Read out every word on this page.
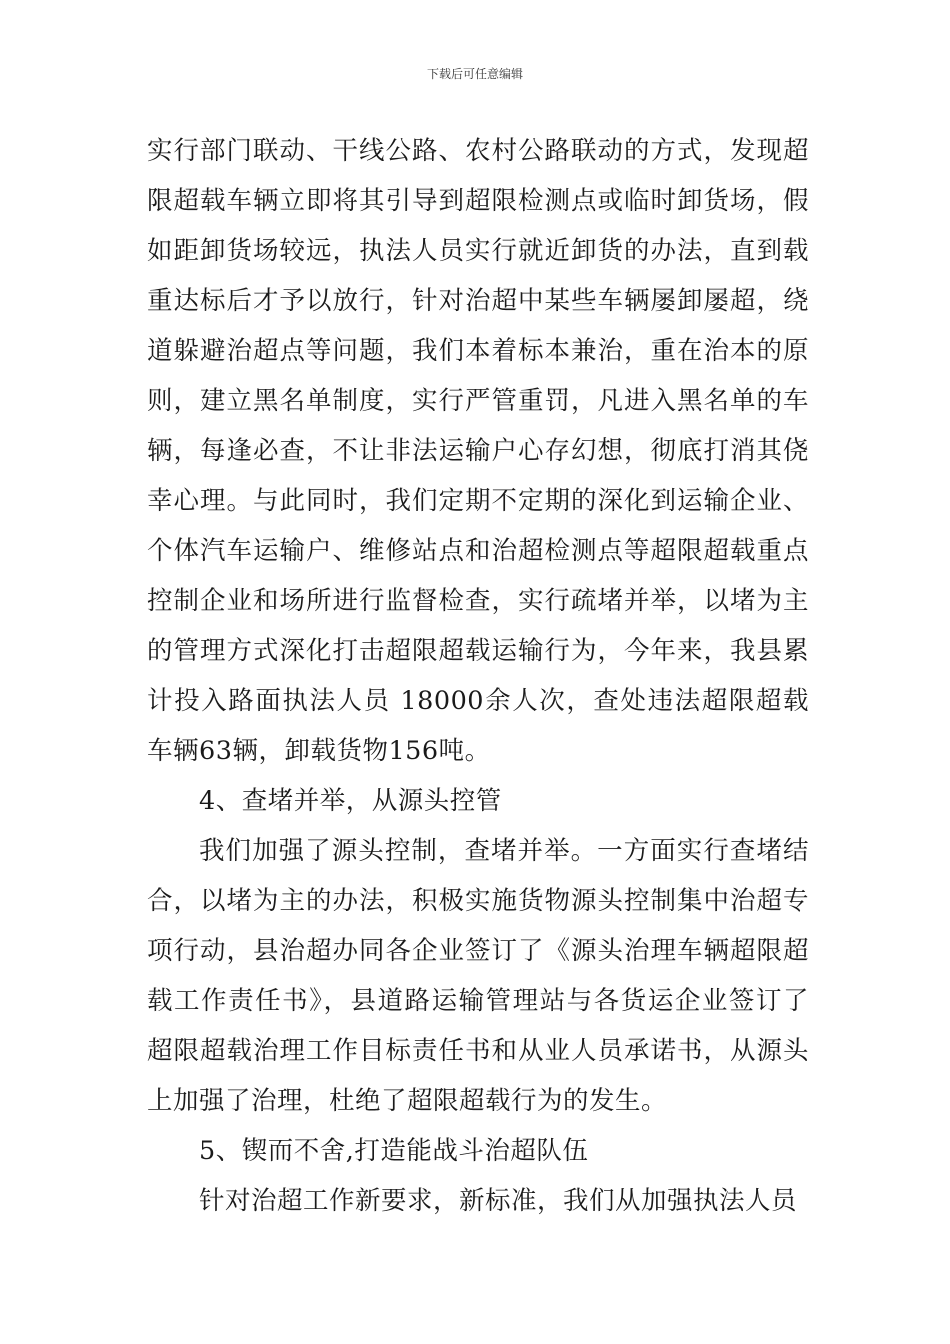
下载后可任意编辑

实行部门联动、干线公路、农村公路联动的方式，发现超限超载车辆立即将其引导到超限检测点或临时卸货场，假如距卸货场较远，执法人员实行就近卸货的办法，直到载重达标后才予以放行，针对治超中某些车辆屡卸屡超，绕道躲避治超点等问题，我们本着标本兼治，重在治本的原则，建立黑名单制度，实行严管重罚，凡进入黑名单的车辆，每逢必查，不让非法运输户心存幻想，彻底打消其侥幸心理。与此同时，我们定期不定期的深化到运输企业、个体汽车运输户、维修站点和治超检测点等超限超载重点控制企业和场所进行监督检查，实行疏堵并举，以堵为主的管理方式深化打击超限超载运输行为，今年来，我县累计投入路面执法人员 18000余人次，查处违法超限超载车辆63辆，卸载货物156吨。

4、查堵并举，从源头控管

我们加强了源头控制，查堵并举。一方面实行查堵结合，以堵为主的办法，积极实施货物源头控制集中治超专项行动，县治超办同各企业签订了《源头治理车辆超限超载工作责任书》，县道路运输管理站与各货运企业签订了超限超载治理工作目标责任书和从业人员承诺书，从源头上加强了治理，杜绝了超限超载行为的发生。

5、锲而不舍,打造能战斗治超队伍

针对治超工作新要求，新标准，我们从加强执法人员
